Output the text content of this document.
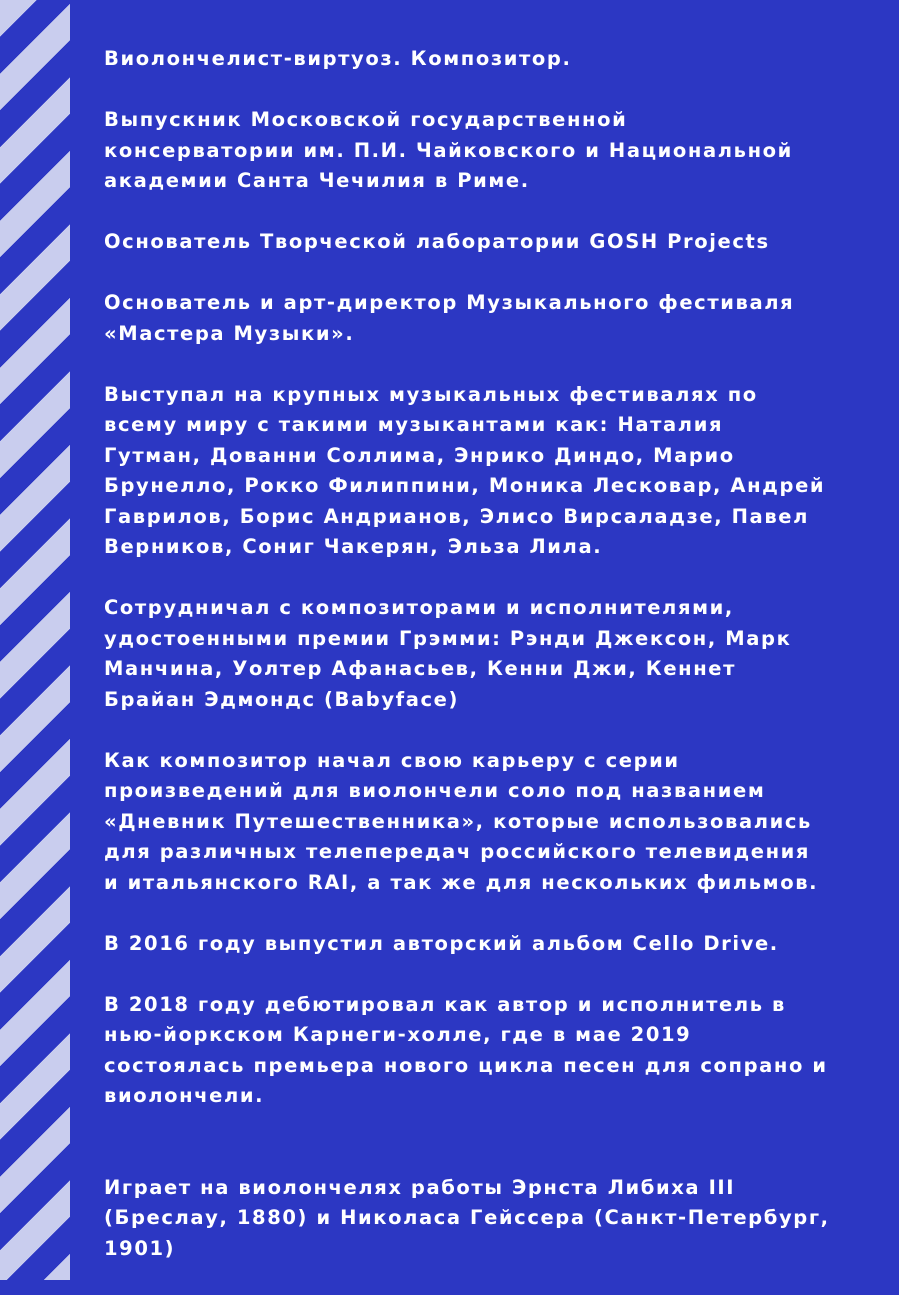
Виолончелист-виртуоз. Композитор.

Выпускник Московской государственной
консерватории им. П.И. Чайковского и Национальной
академии Санта Чечилия в Риме.

Основатель Творческой лаборатории GOSH Projects

Основатель и арт-директор Музыкального фестиваля
«Мастера Музыки».

Выступал на крупных музыкальных фестивалях по
всему миру с такими музыкантами как: Наталия
Гутман, Дованни Соллима, Энрико Диндо, Марио
Брунелло, Рокко Филиппини, Моника Лесковар, Андрей
Гаврилов, Борис Андрианов, Элисо Вирсаладзе, Павел
Верников, Сониг Чакерян, Эльза Лила.

Сотрудничал с композиторами и исполнителями,
удостоенными премии Грэмми: Рэнди Джексон, Марк
Манчина, Уолтер Афанасьев, Кенни Джи, Кеннет
Брайан Эдмондс (Babyface)

Как композитор начал свою карьеру с серии
произведений для виолончели соло под названием
«Дневник Путешественника», которые использовались
для различных телепередач российского телевидения
и итальянского RAI, а так же для нескольких фильмов.

В 2016 году выпустил авторский альбом Cello Drive.

В 2018 году дебютировал как автор и исполнитель в
нью-йоркском Карнеги-холле, где в мае 2019
состоялась премьера нового цикла песен для сопрано и
виолончели.

Играет на виолончелях работы Эрнста Либиха III
(Бреслау, 1880) и Николаса Гейссера (Санкт-Петербург,
1901)
